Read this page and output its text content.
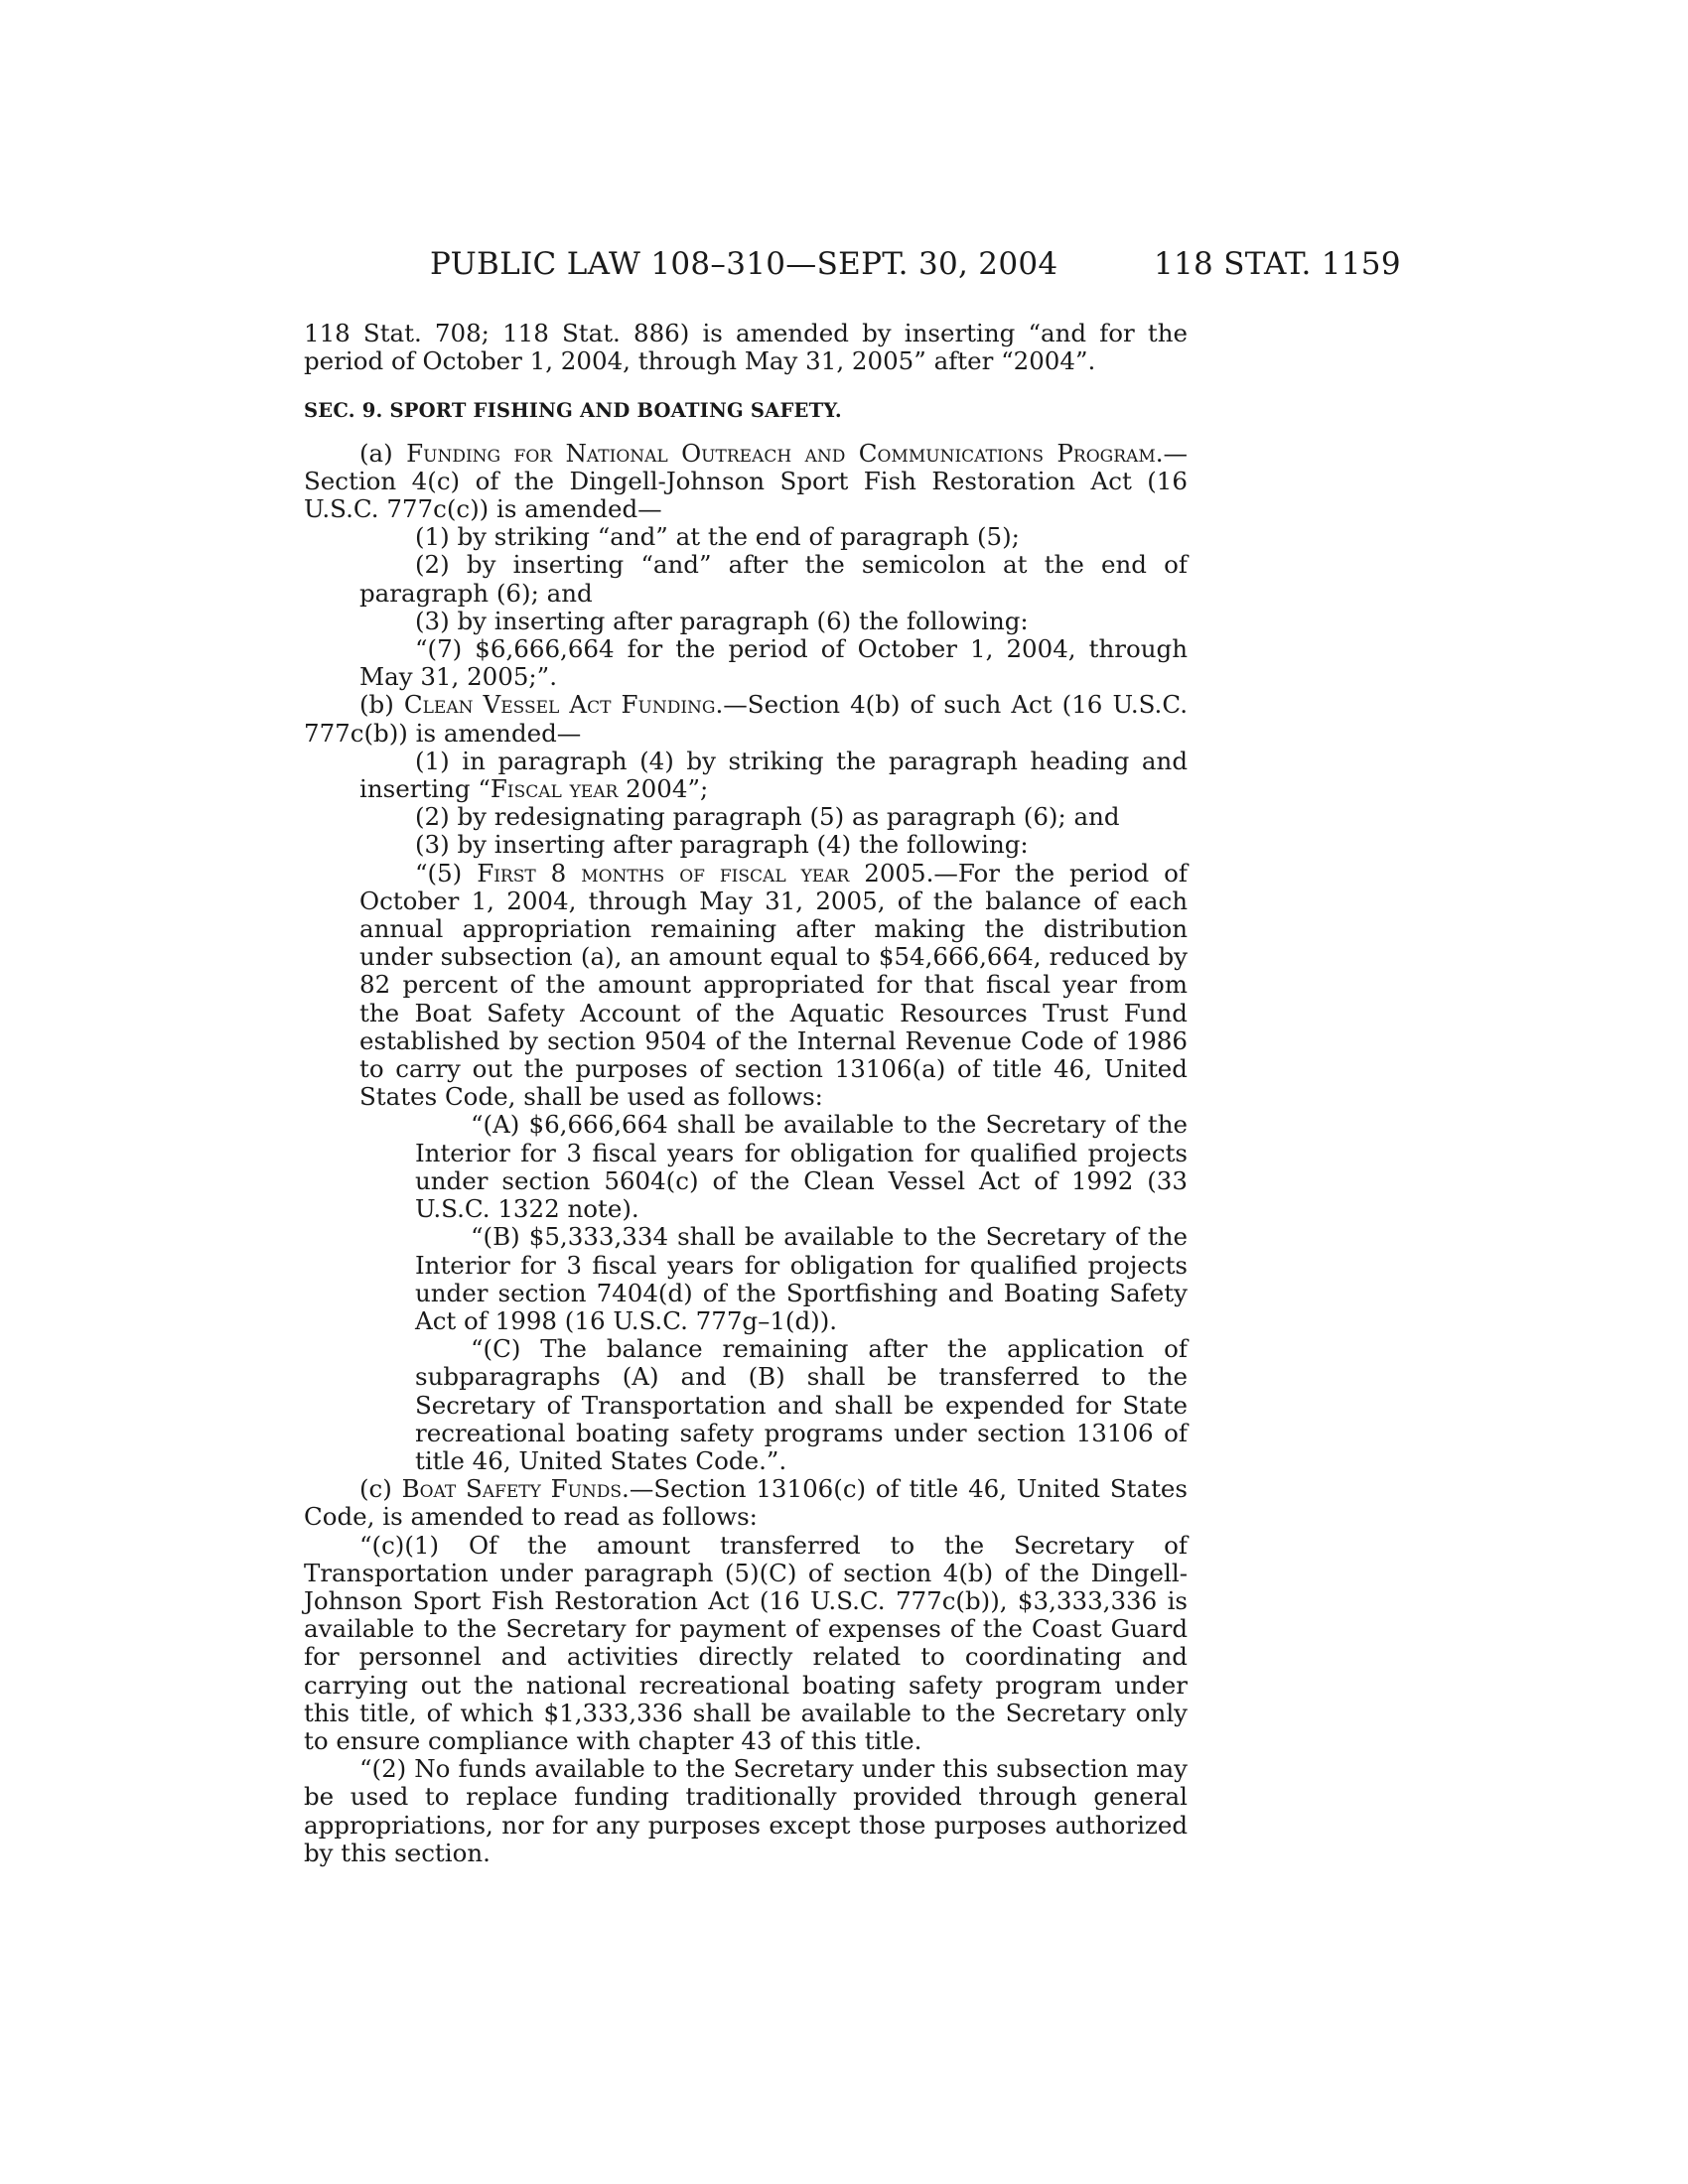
PUBLIC LAW 108–310—SEPT. 30, 2004	118 STAT. 1159

118 Stat. 708; 118 Stat. 886) is amended by inserting “and for the period of October 1, 2004, through May 31, 2005” after “2004”.

SEC. 9. SPORT FISHING AND BOATING SAFETY.

(a) Funding for National Outreach and Communications Program.—Section 4(c) of the Dingell-Johnson Sport Fish Restoration Act (16 U.S.C. 777c(c)) is amended—

(1) by striking “and” at the end of paragraph (5);

(2) by inserting “and” after the semicolon at the end of paragraph (6); and

(3) by inserting after paragraph (6) the following:

“(7) $6,666,664 for the period of October 1, 2004, through May 31, 2005;”.

(b) Clean Vessel Act Funding.—Section 4(b) of such Act (16 U.S.C. 777c(b)) is amended—

(1) in paragraph (4) by striking the paragraph heading and inserting “Fiscal year 2004”;

(2) by redesignating paragraph (5) as paragraph (6); and

(3) by inserting after paragraph (4) the following:

“(5) First 8 months of fiscal year 2005.—For the period of October 1, 2004, through May 31, 2005, of the balance of each annual appropriation remaining after making the distribution under subsection (a), an amount equal to $54,666,664, reduced by 82 percent of the amount appropriated for that fiscal year from the Boat Safety Account of the Aquatic Resources Trust Fund established by section 9504 of the Internal Revenue Code of 1986 to carry out the purposes of section 13106(a) of title 46, United States Code, shall be used as follows:

“(A) $6,666,664 shall be available to the Secretary of the Interior for 3 fiscal years for obligation for qualified projects under section 5604(c) of the Clean Vessel Act of 1992 (33 U.S.C. 1322 note).

“(B) $5,333,334 shall be available to the Secretary of the Interior for 3 fiscal years for obligation for qualified projects under section 7404(d) of the Sportfishing and Boating Safety Act of 1998 (16 U.S.C. 777g–1(d)).

“(C) The balance remaining after the application of subparagraphs (A) and (B) shall be transferred to the Secretary of Transportation and shall be expended for State recreational boating safety programs under section 13106 of title 46, United States Code.”.

(c) Boat Safety Funds.—Section 13106(c) of title 46, United States Code, is amended to read as follows:

“(c)(1) Of the amount transferred to the Secretary of Transportation under paragraph (5)(C) of section 4(b) of the Dingell-Johnson Sport Fish Restoration Act (16 U.S.C. 777c(b)), $3,333,336 is available to the Secretary for payment of expenses of the Coast Guard for personnel and activities directly related to coordinating and carrying out the national recreational boating safety program under this title, of which $1,333,336 shall be available to the Secretary only to ensure compliance with chapter 43 of this title.

“(2) No funds available to the Secretary under this subsection may be used to replace funding traditionally provided through general appropriations, nor for any purposes except those purposes authorized by this section.
